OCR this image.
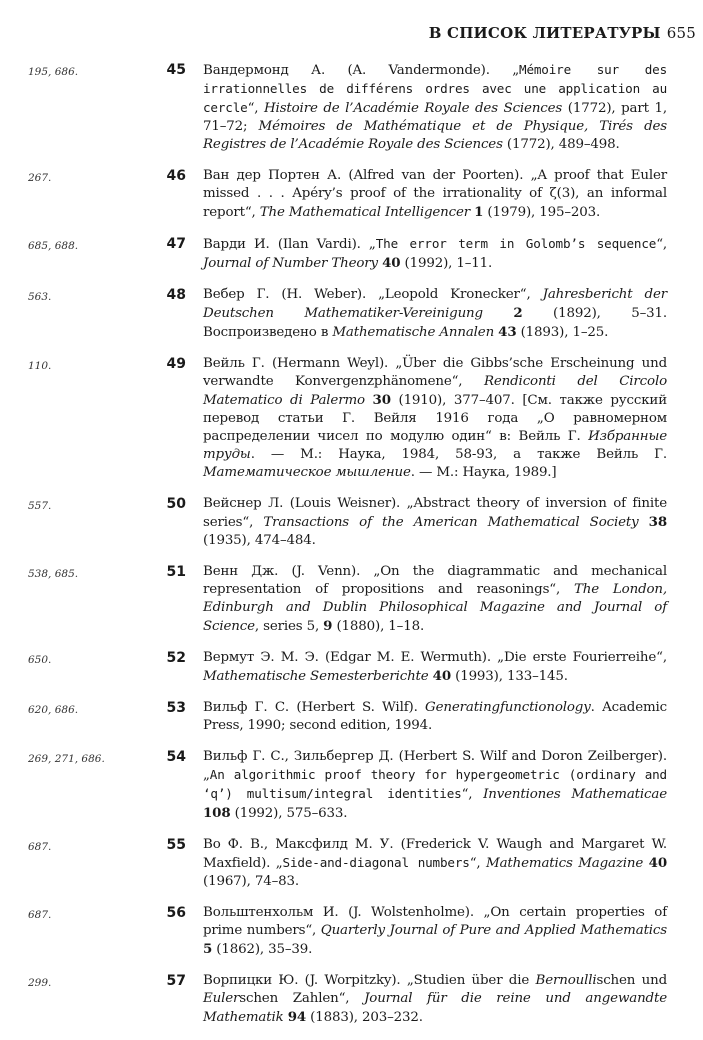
В СПИСОК ЛИТЕРАТУРЫ 655
195, 686.	45 Вандермонд А. (A. Vandermonde). „Mémoire sur des irrationnelles de différens ordres avec une application au cercle“, Histoire de l’Académie Royale des Sciences (1772), part 1, 71–72; Mémoires de Mathématique et de Physique, Tirés des Registres de l’Académie Royale des Sciences (1772), 489–498.
267.	46 Ван дер Портен А. (Alfred van der Poorten). „A proof that Euler missed . . . Apéry’s proof of the irrationality of ζ(3), an informal report“, The Mathematical Intelligencer 1 (1979), 195–203.
685, 688.	47 Варди И. (Ilan Vardi). „The error term in Golomb’s sequence“, Journal of Number Theory 40 (1992), 1–11.
563.	48 Вебер Г. (H. Weber). „Leopold Kronecker“, Jahresbericht der Deutschen Mathematiker-Vereinigung 2 (1892), 5–31. Воспроизведено в Mathematische Annalen 43 (1893), 1–25.
110.	49 Вейль Г. (Hermann Weyl). „Über die Gibbs’sche Erscheinung und verwandte Konvergenzphänomene“, Rendiconti del Circolo Matematico di Palermo 30 (1910), 377–407. [См. также русский перевод статьи Г. Вейля 1916 года „О равномерном распределении чисел по модулю один“ в: Вейль Г. Избранные труды. — М.: Наука, 1984, 58-93, а также Вейль Г. Математическое мышление. — М.: Наука, 1989.]
557.	50 Вейснер Л. (Louis Weisner). „Abstract theory of inversion of finite series“, Transactions of the American Mathematical Society 38 (1935), 474–484.
538, 685.	51 Венн Дж. (J. Venn). „On the diagrammatic and mechanical representation of propositions and reasonings“, The London, Edinburgh and Dublin Philosophical Magazine and Journal of Science, series 5, 9 (1880), 1–18.
650.	52 Вермут Э. М. Э. (Edgar M. E. Wermuth). „Die erste Fourierreihe“, Mathematische Semesterberichte 40 (1993), 133–145.
620, 686.	53 Вильф Г. С. (Herbert S. Wilf). Generatingfunctionology. Academic Press, 1990; second edition, 1994.
269, 271, 686.	54 Вильф Г. С., Зильбергер Д. (Herbert S. Wilf and Doron Zeilberger). „An algorithmic proof theory for hypergeometric (ordinary and ‘q’) multisum/integral identities“, Inventiones Mathematicae 108 (1992), 575–633.
687.	55 Во Ф. В., Максфилд М. У. (Frederick V. Waugh and Margaret W. Maxfield). „Side-and-diagonal numbers“, Mathematics Magazine 40 (1967), 74–83.
687.	56 Вольштенхольм И. (J. Wolstenholme). „On certain properties of prime numbers“, Quarterly Journal of Pure and Applied Mathematics 5 (1862), 35–39.
299.	57 Ворпицки Ю. (J. Worpitzky). „Studien über die Bernoullischen und Eulerschen Zahlen“, Journal für die reine und angewandte Mathematik 94 (1883), 203–232.
